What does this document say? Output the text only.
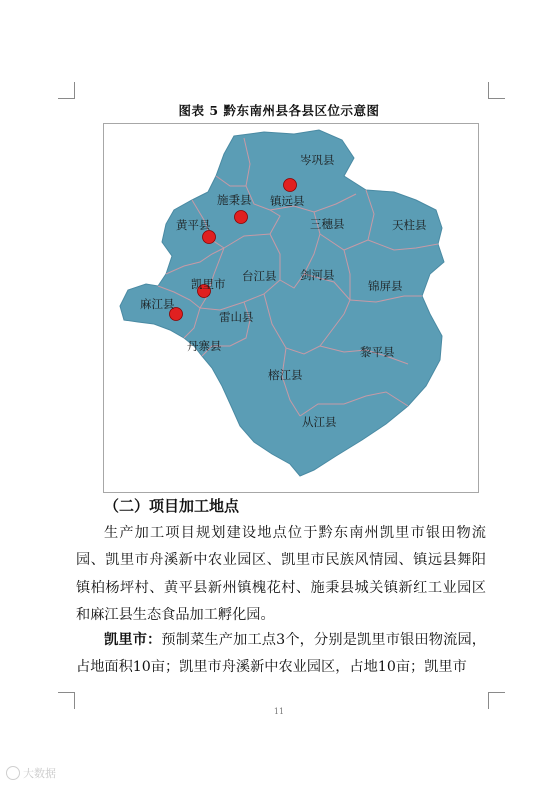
图表 5 黔东南州县各县区位示意图
岑巩县
施秉县 镇远县
黄平县	三穗县	天柱县
凯里市
台江县 剑河县
锦屏县
麻江县
雷山县
丹寨县	黎平县
榕江县
从江县
（二）项目加工地点
生产加工项目规划建设地点位于黔东南州凯里市银田物流园、凯里市舟溪新中农业园区、凯里市民族风情园、镇远县舞阳镇柏杨坪村、黄平县新州镇槐花村、施秉县城关镇新红工业园区和麻江县生态食品加工孵化园。
凯里市：预制菜生产加工点3个，分别是凯里市银田物流园，占地面积10亩；凯里市舟溪新中农业园区，占地10亩；凯里市
11
大数据
